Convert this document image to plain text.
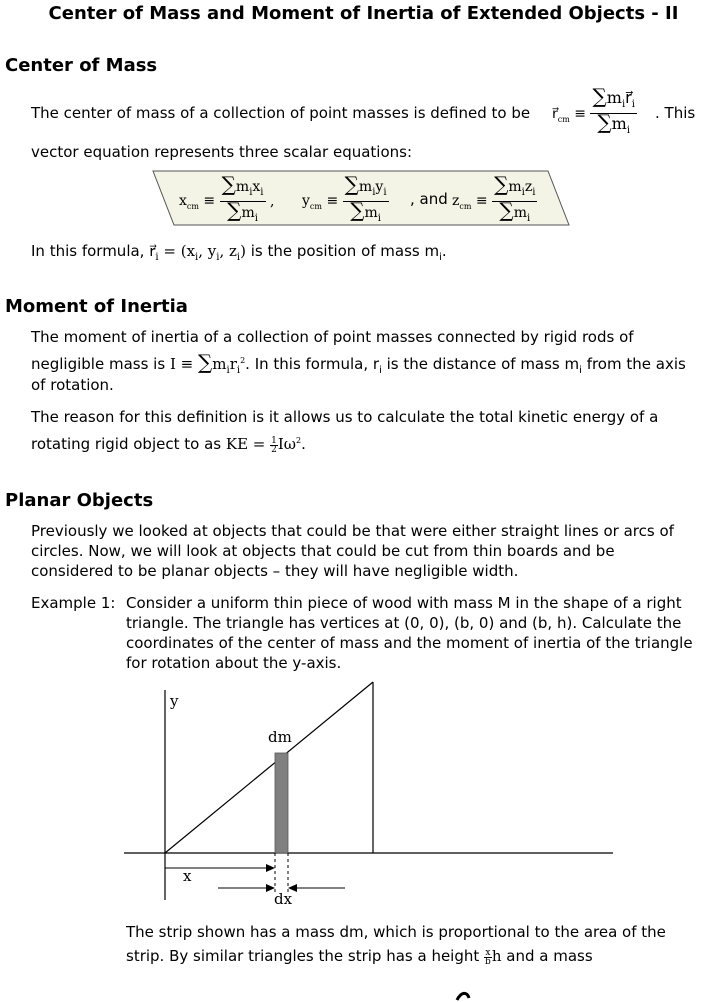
Center of Mass and Moment of Inertia of Extended Objects - II
Center of Mass
The center of mass of a collection of point masses is defined to be $r⃗_{cm} \equiv \frac{\sum m_ir⃗_i}{\sum m_i}$ . This
vector equation represents three scalar equations:
$x_{cm} \equiv \frac{\sum m_ix_i}{\sum m_i}$ , $y_{cm} \equiv \frac{\sum m_iy_i}{\sum m_i}$ , and $z_{cm} \equiv \frac{\sum m_iz_i}{\sum m_i}$
In this formula, $r⃗_i = (x_i$, $y_i$, $z_i$) is the position of mass $m_i$.
Moment of Inertia
The moment of inertia of a collection of point masses connected by rigid rods of
negligible mass is $I \equiv \sum m_ir_i^2$. In this formula, $r_i$ is the distance of mass $m_i$ from the axis
of rotation.
The reason for this definition is it allows us to calculate the total kinetic energy of a
rotating rigid object to as KE = $\frac{1}{2} I\omega^2$.
Planar Objects
Previously we looked at objects that could be that were either straight lines or arcs of
circles. Now, we will look at objects that could be cut from thin boards and be
considered to be planar objects – they will have negligible width.
Example 1: Consider a uniform thin piece of wood with mass M in the shape of a right
triangle. The triangle has vertices at (0, 0), (b, 0) and (b, h). Calculate the
coordinates of the center of mass and the moment of inertia of the triangle
for rotation about the y-axis.
y
dm
x
dx
The strip shown has a mass dm, which is proportional to the area of the
strip. By similar triangles the strip has a height $\frac{x}{b}$ h and a mass
